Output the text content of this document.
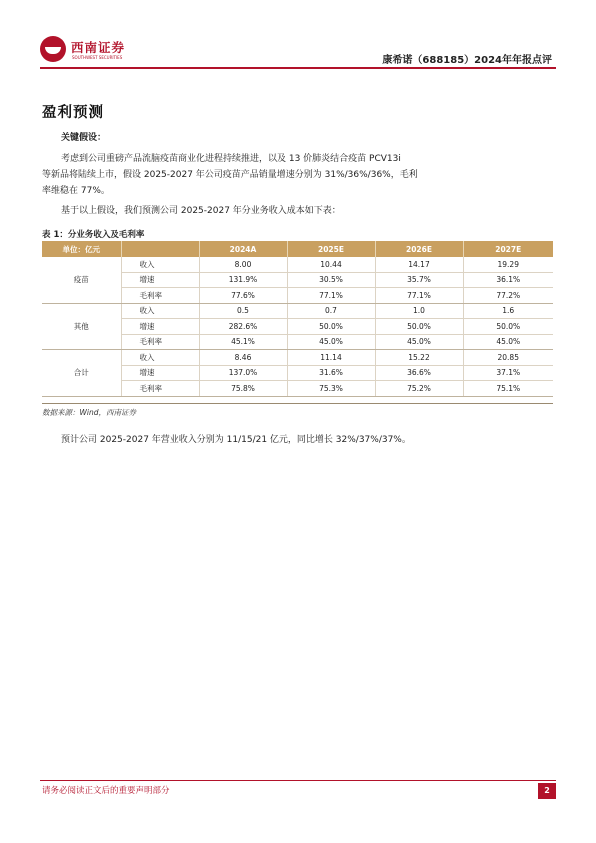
西南证券
SOUTHWEST SECURITIES	康希诺（688185）2024年年报点评
盈利预测
关键假设：
考虑到公司重磅产品流脑疫苗商业化进程持续推进，以及 13 价肺炎结合疫苗 PCV13i
等新品将陆续上市，假设 2025-2027 年公司疫苗产品销量增速分别为 31%/36%/36%，毛利
率维稳在 77%。
基于以上假设，我们预测公司 2025-2027 年分业务收入成本如下表：
表 1：分业务收入及毛利率
单位：亿元		2024A	2025E	2026E	2027E
疫苗	收入	8.00	10.44	14.17	19.29
	增速	131.9%	30.5%	35.7%	36.1%
	毛利率	77.6%	77.1%	77.1%	77.2%
其他	收入	0.5	0.7	1.0	1.6
	增速	282.6%	50.0%	50.0%	50.0%
	毛利率	45.1%	45.0%	45.0%	45.0%
合计	收入	8.46	11.14	15.22	20.85
	增速	137.0%	31.6%	36.6%	37.1%
	毛利率	75.8%	75.3%	75.2%	75.1%
数据来源：Wind，西南证券
预计公司 2025-2027 年营业收入分别为 11/15/21 亿元，同比增长 32%/37%/37%。
请务必阅读正文后的重要声明部分	2
